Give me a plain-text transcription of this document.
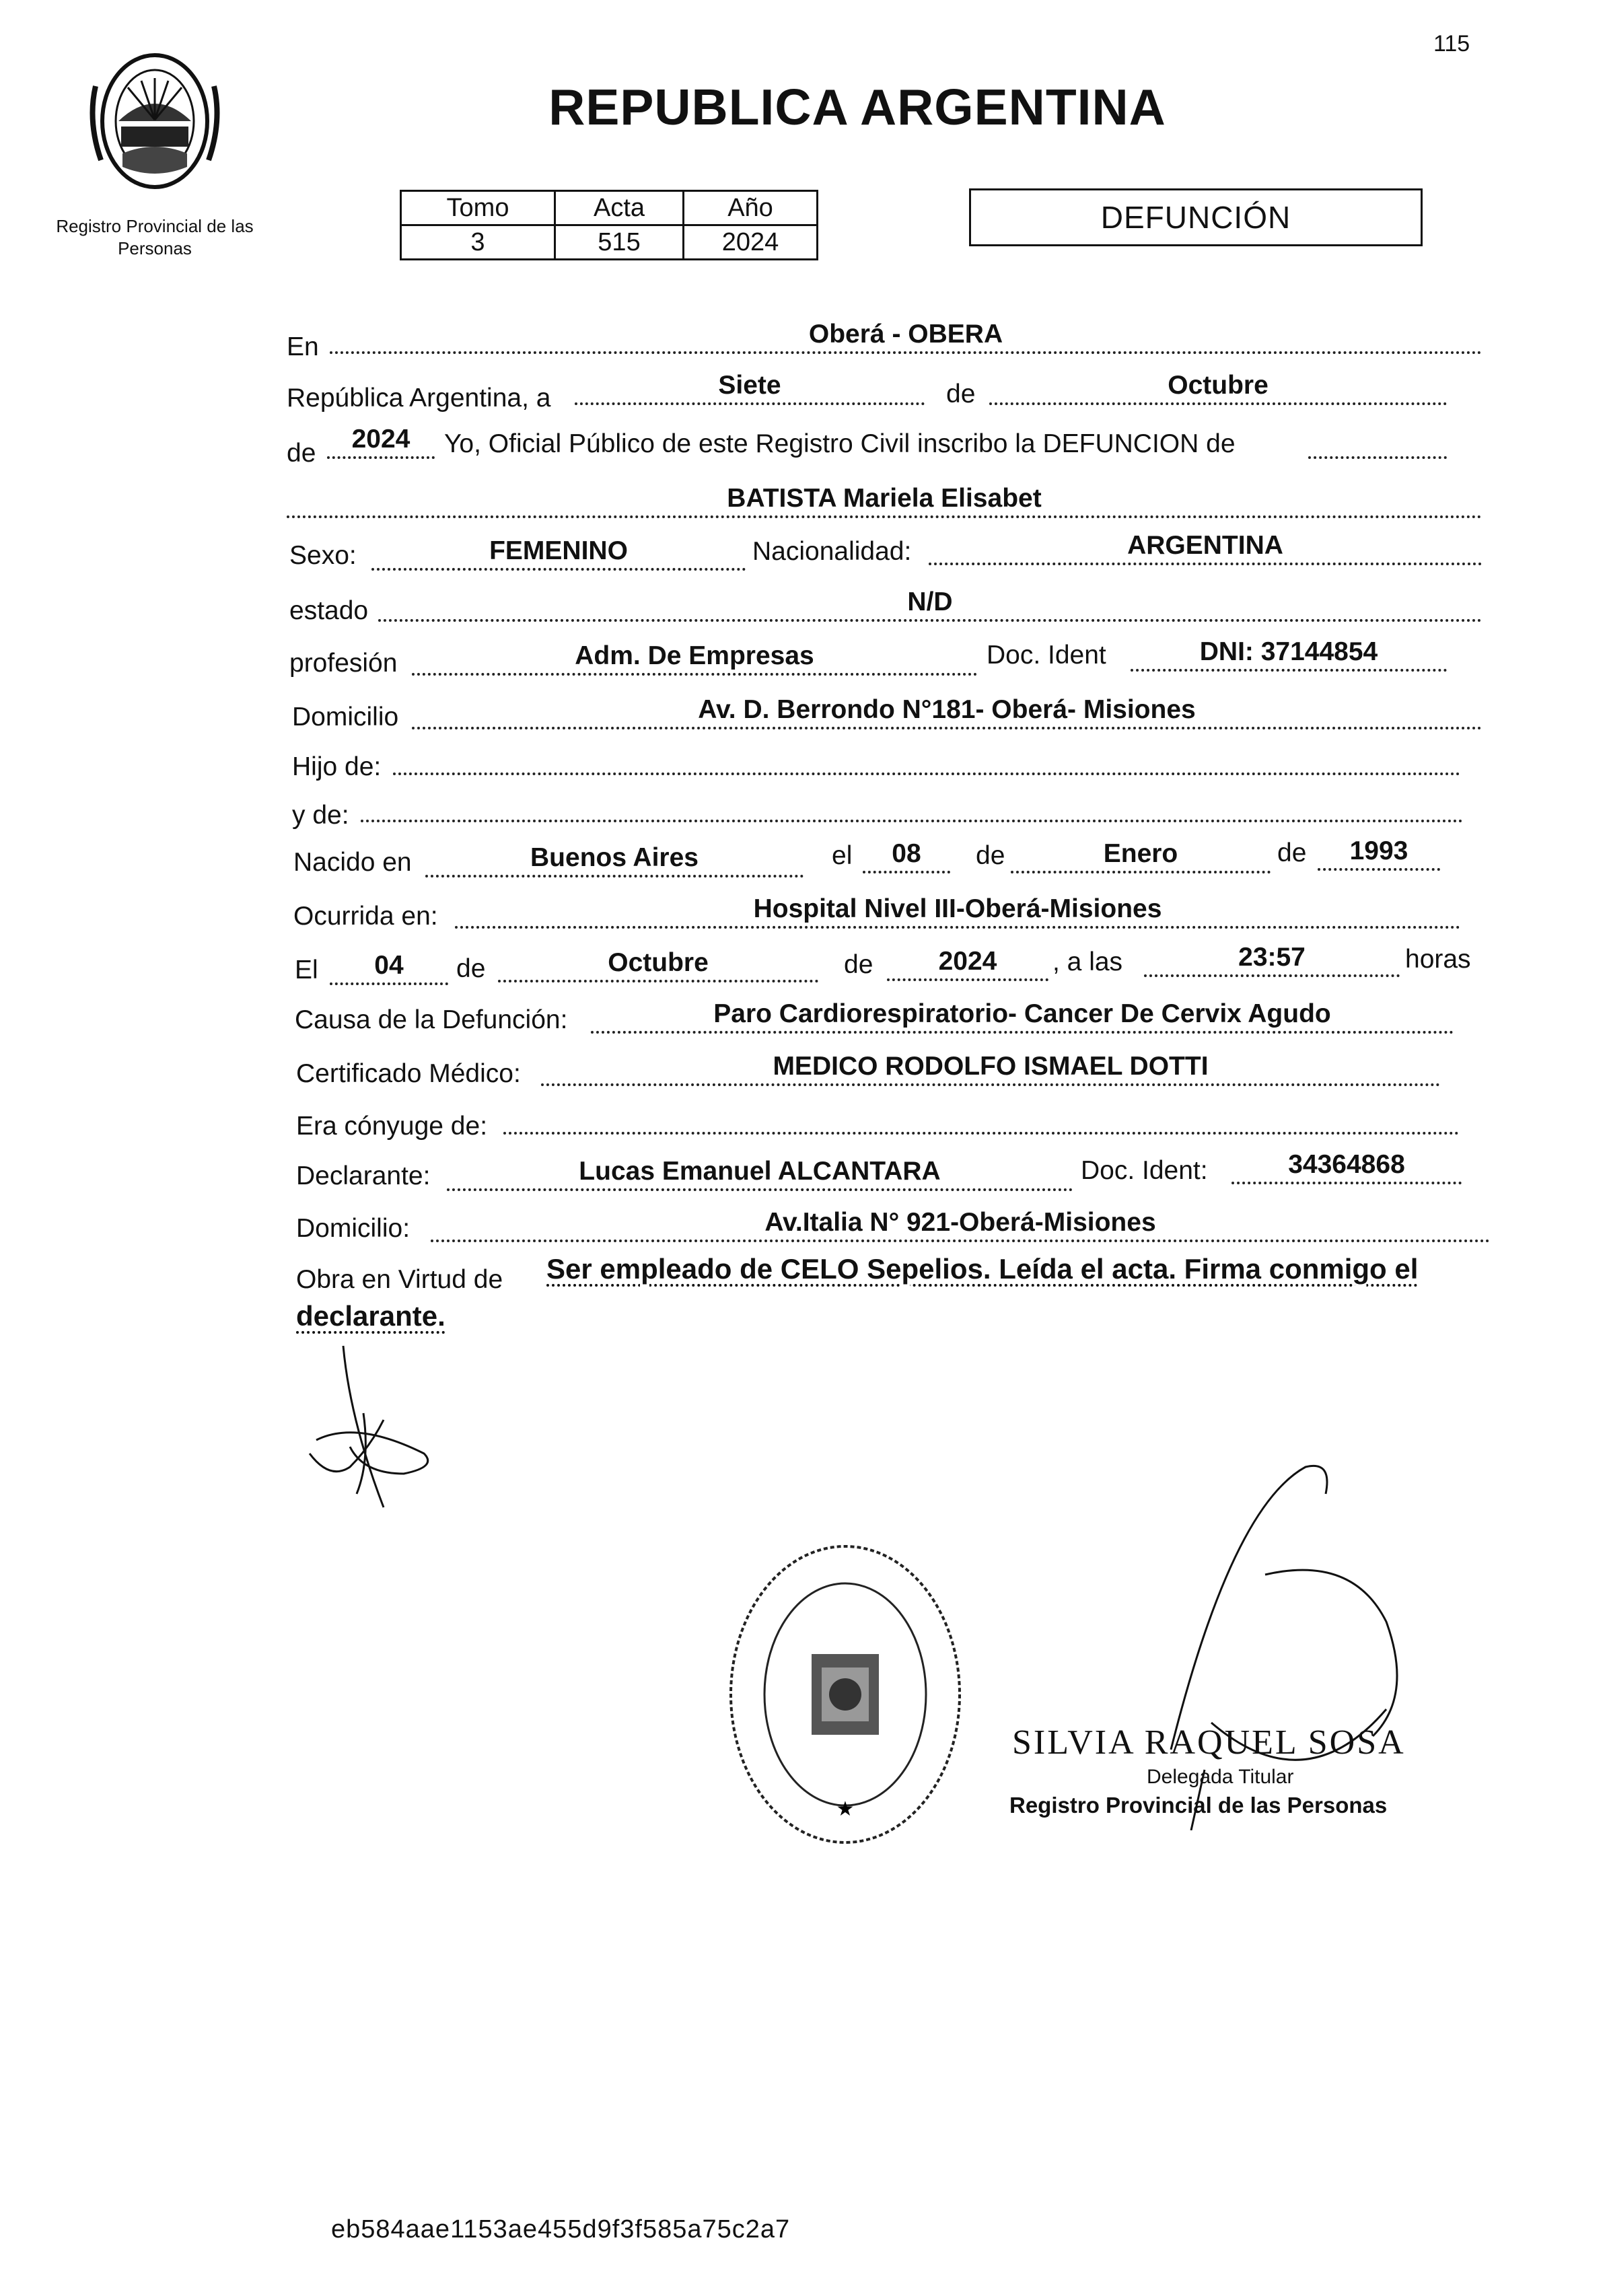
115
REPUBLICA ARGENTINA
Registro Provincial de las Personas
Tomo	Acta	Año
3	515	2024
DEFUNCIÓN
En	Oberá - OBERA
República Argentina, a	Siete	de	Octubre
de	2024	Yo, Oficial Público de este Registro Civil inscribo la DEFUNCION de
BATISTA Mariela Elisabet
Sexo:	FEMENINO	Nacionalidad:	ARGENTINA
estado	N/D
profesión	Adm. De Empresas	Doc. Ident	DNI: 37144854
Domicilio	Av. D. Berrondo N°181- Oberá- Misiones
Hijo de:
y de:
Nacido en	Buenos Aires	el	08	de	Enero	de	1993
Ocurrida en:	Hospital Nivel III-Oberá-Misiones
El	04	de	Octubre	de	2024	, a las	23:57	horas
Causa de la Defunción:	Paro Cardiorespiratorio- Cancer De Cervix Agudo
Certificado Médico:	MEDICO RODOLFO ISMAEL DOTTI
Era cónyuge de:
Declarante:	Lucas Emanuel ALCANTARA	Doc. Ident:	34364868
Domicilio:	Av.Italia N° 921-Oberá-Misiones
Obra en Virtud de Ser empleado de CELO Sepelios. Leída el acta. Firma conmigo el
declarante.
★
SILVIA RAQUEL SOSA
Delegada Titular
Registro Provincial de las Personas
eb584aae1153ae455d9f3f585a75c2a7
